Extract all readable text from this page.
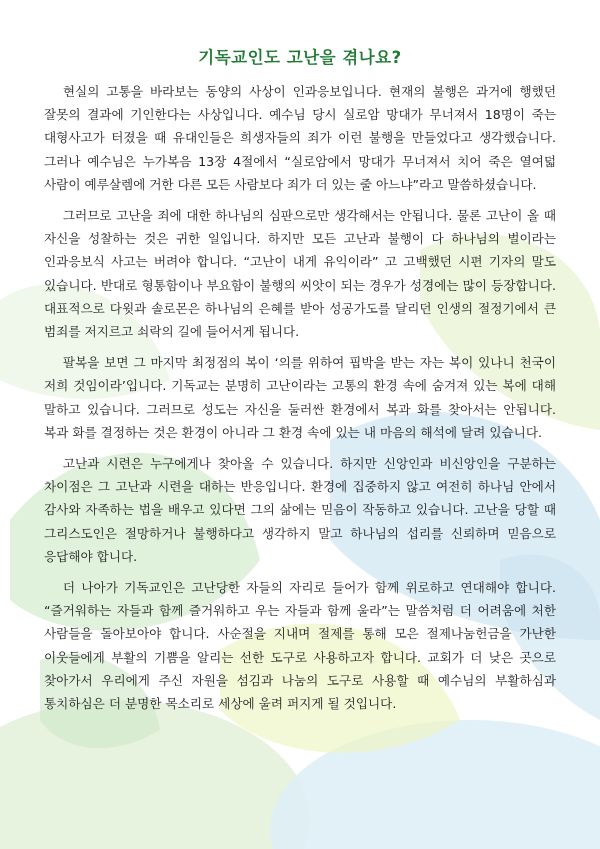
기독교인도 고난을 겪나요?

현실의 고통을 바라보는 동양의 사상이 인과응보입니다. 현재의 불행은 과거에 행했던 잘못의 결과에 기인한다는 사상입니다. 예수님 당시 실로암 망대가 무너져서 18명이 죽는 대형사고가 터졌을 때 유대인들은 희생자들의 죄가 이런 불행을 만들었다고 생각했습니다. 그러나 예수님은 누가복음 13장 4절에서 “실로암에서 망대가 무너져서 치어 죽은 열여덟 사람이 예루살렘에 거한 다른 모든 사람보다 죄가 더 있는 줄 아느냐”라고 말씀하셨습니다.

그러므로 고난을 죄에 대한 하나님의 심판으로만 생각해서는 안됩니다. 물론 고난이 올 때 자신을 성찰하는 것은 귀한 일입니다. 하지만 모든 고난과 불행이 다 하나님의 벌이라는 인과응보식 사고는 버려야 합니다. “고난이 내게 유익이라” 고 고백했던 시편 기자의 말도 있습니다. 반대로 형통함이나 부요함이 불행의 씨앗이 되는 경우가 성경에는 많이 등장합니다. 대표적으로 다윗과 솔로몬은 하나님의 은혜를 받아 성공가도를 달리던 인생의 절정기에서 큰 범죄를 저지르고 쇠락의 길에 들어서게 됩니다.

팔복을 보면 그 마지막 최정점의 복이 ‘의를 위하여 핍박을 받는 자는 복이 있나니 천국이 저희 것임이라’입니다. 기독교는 분명히 고난이라는 고통의 환경 속에 숨겨져 있는 복에 대해 말하고 있습니다. 그러므로 성도는 자신을 둘러싼 환경에서 복과 화를 찾아서는 안됩니다. 복과 화를 결정하는 것은 환경이 아니라 그 환경 속에 있는 내 마음의 해석에 달려 있습니다.

고난과 시련은 누구에게나 찾아올 수 있습니다. 하지만 신앙인과 비신앙인을 구분하는 차이점은 그 고난과 시련을 대하는 반응입니다. 환경에 집중하지 않고 여전히 하나님 안에서 감사와 자족하는 법을 배우고 있다면 그의 삶에는 믿음이 작동하고 있습니다. 고난을 당할 때 그리스도인은 절망하거나 불행하다고 생각하지 말고 하나님의 섭리를 신뢰하며 믿음으로 응답해야 합니다.

더 나아가 기독교인은 고난당한 자들의 자리로 들어가 함께 위로하고 연대해야 합니다. “즐거워하는 자들과 함께 즐거워하고 우는 자들과 함께 울라”는 말씀처럼 더 어려움에 처한 사람들을 돌아보아야 합니다. 사순절을 지내며 절제를 통해 모은 절제나눔헌금을 가난한 이웃들에게 부활의 기쁨을 알리는 선한 도구로 사용하고자 합니다. 교회가 더 낮은 곳으로 찾아가서 우리에게 주신 자원을 섬김과 나눔의 도구로 사용할 때 예수님의 부활하심과 통치하심은 더 분명한 목소리로 세상에 울려 퍼지게 될 것입니다.
